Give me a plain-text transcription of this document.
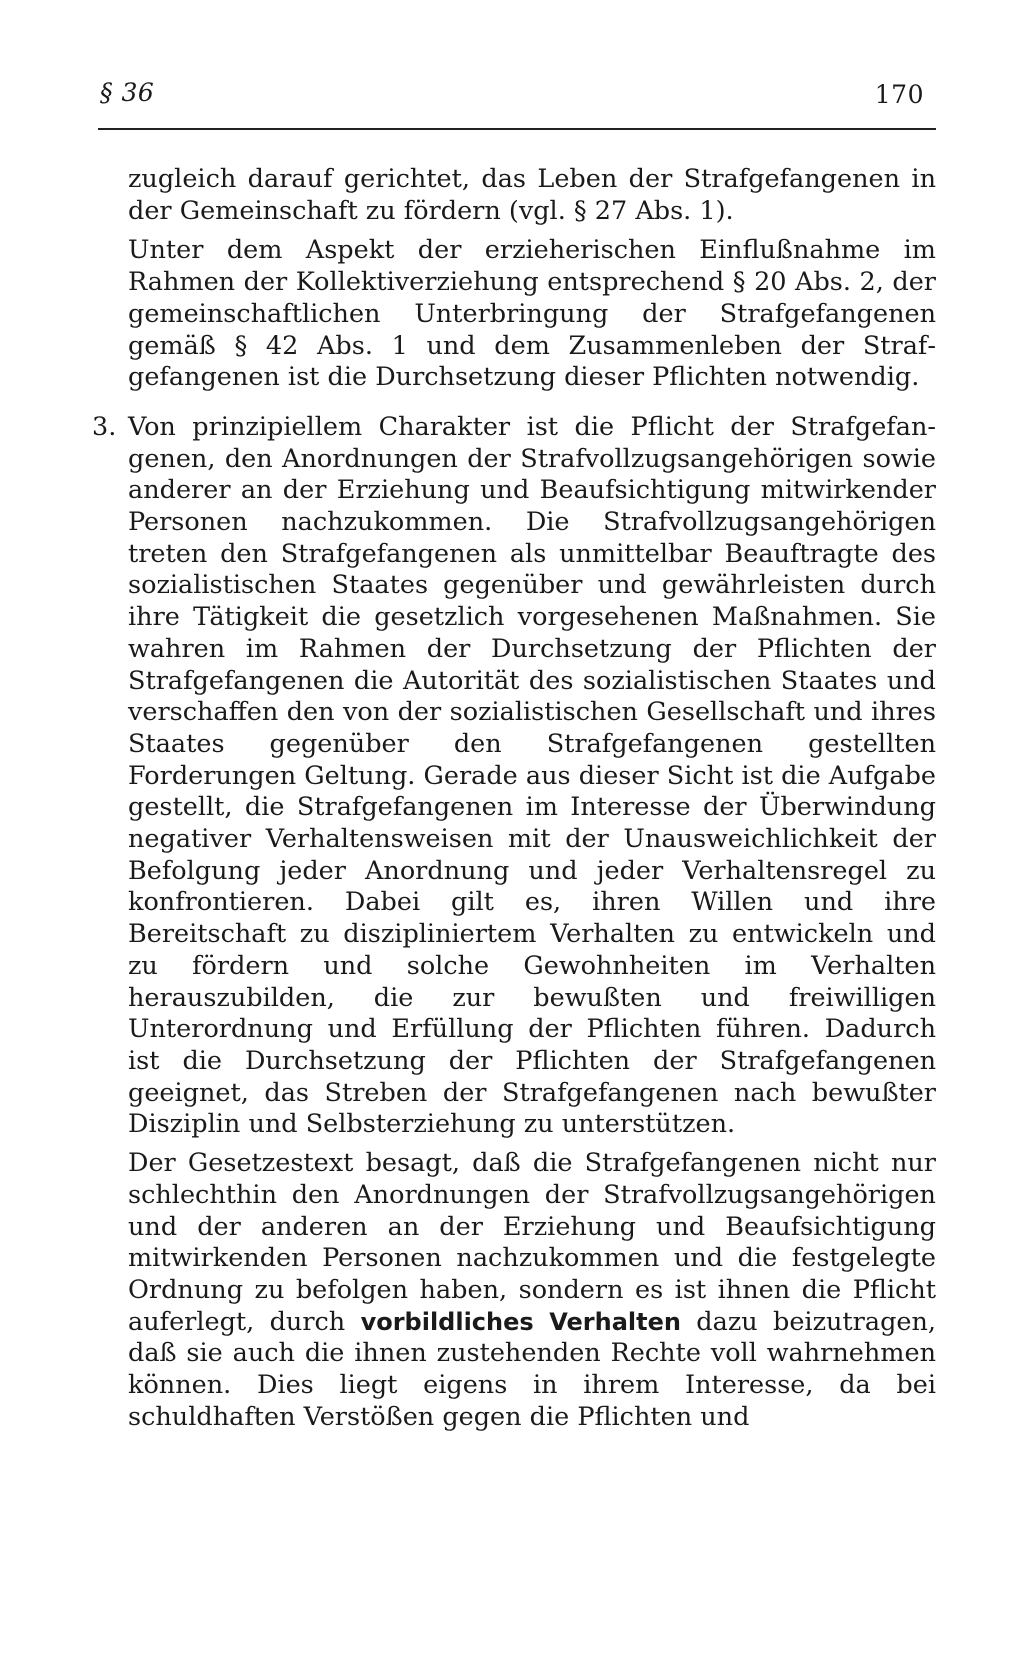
§ 36	170

zugleich darauf gerichtet, das Leben der Strafgefangenen in der Gemeinschaft zu fördern (vgl. § 27 Abs. 1).

Unter dem Aspekt der erzieherischen Einflußnahme im Rahmen der Kollektiverziehung entsprechend § 20 Abs. 2, der gemeinschaftlichen Unterbringung der Strafgefangenen gemäß § 42 Abs. 1 und dem Zusammenleben der Strafgefangenen ist die Durchsetzung dieser Pflichten notwendig.

3. Von prinzipiellem Charakter ist die Pflicht der Strafgefangenen, den Anordnungen der Strafvollzugsangehörigen sowie anderer an der Erziehung und Beaufsichtigung mitwirkender Personen nachzukommen. Die Strafvollzugsangehörigen treten den Strafgefangenen als unmittelbar Beauftragte des sozialistischen Staates gegenüber und gewährleisten durch ihre Tätigkeit die gesetzlich vorgesehenen Maßnahmen. Sie wahren im Rahmen der Durchsetzung der Pflichten der Strafgefangenen die Autorität des sozialistischen Staates und verschaffen den von der sozialistischen Gesellschaft und ihres Staates gegenüber den Strafgefangenen gestellten Forderungen Geltung. Gerade aus dieser Sicht ist die Aufgabe gestellt, die Strafgefangenen im Interesse der Überwindung negativer Verhaltensweisen mit der Unausweichlichkeit der Befolgung jeder Anordnung und jeder Verhaltensregel zu konfrontieren. Dabei gilt es, ihren Willen und ihre Bereitschaft zu diszipliniertem Verhalten zu entwickeln und zu fördern und solche Gewohnheiten im Verhalten herauszubilden, die zur bewußten und freiwilligen Unterordnung und Erfüllung der Pflichten führen. Dadurch ist die Durchsetzung der Pflichten der Strafgefangenen geeignet, das Streben der Strafgefangenen nach bewußter Disziplin und Selbsterziehung zu unterstützen.

Der Gesetzestext besagt, daß die Strafgefangenen nicht nur schlechthin den Anordnungen der Strafvollzugsangehörigen und der anderen an der Erziehung und Beaufsichtigung mitwirkenden Personen nachzukommen und die festgelegte Ordnung zu befolgen haben, sondern es ist ihnen die Pflicht auferlegt, durch vorbildliches Verhalten dazu beizutragen, daß sie auch die ihnen zustehenden Rechte voll wahrnehmen können. Dies liegt eigens in ihrem Interesse, da bei schuldhaften Verstößen gegen die Pflichten und
